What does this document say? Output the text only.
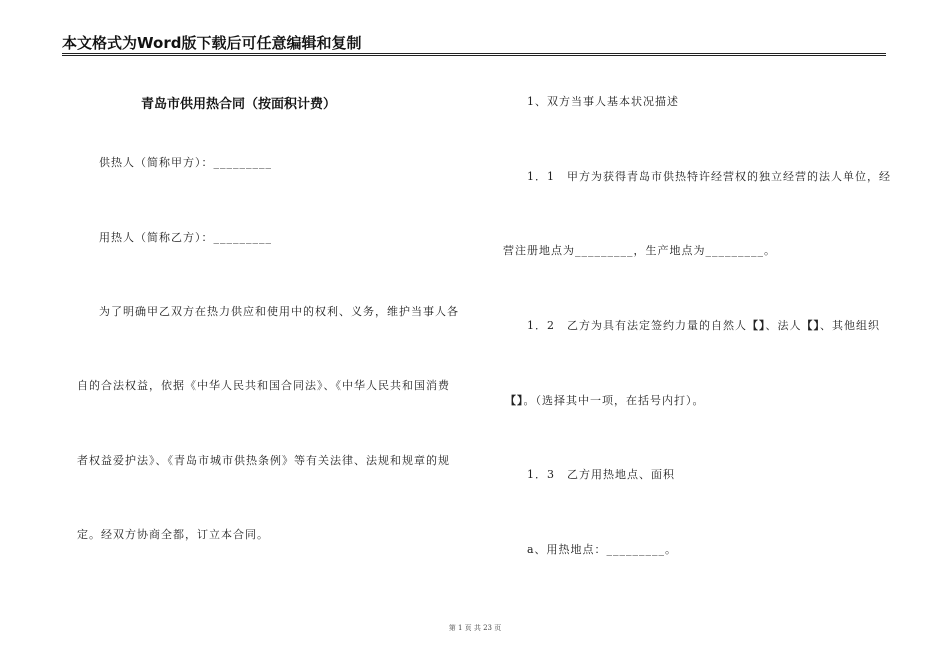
本文格式为Word版下载后可任意编辑和复制
青岛市供用热合同（按面积计费）
供热人（简称甲方）：_________
用热人（简称乙方）：_________
为了明确甲乙双方在热力供应和使用中的权利、义务，维护当事人各
自的合法权益，依据《中华人民共和国合同法》、《中华人民共和国消费
者权益爱护法》、《青岛市城市供热条例》等有关法律、法规和规章的规
定。经双方协商全都，订立本合同。
1、双方当事人基本状况描述
1．1　甲方为获得青岛市供热特许经营权的独立经营的法人单位，经
营注册地点为_________，生产地点为_________。
1．2　乙方为具有法定签约力量的自然人【】、法人【】、其他组织
【】。（选择其中一项，在括号内打）。
1．3　乙方用热地点、面积
a、用热地点：_________。
第 1 页 共 23 页
